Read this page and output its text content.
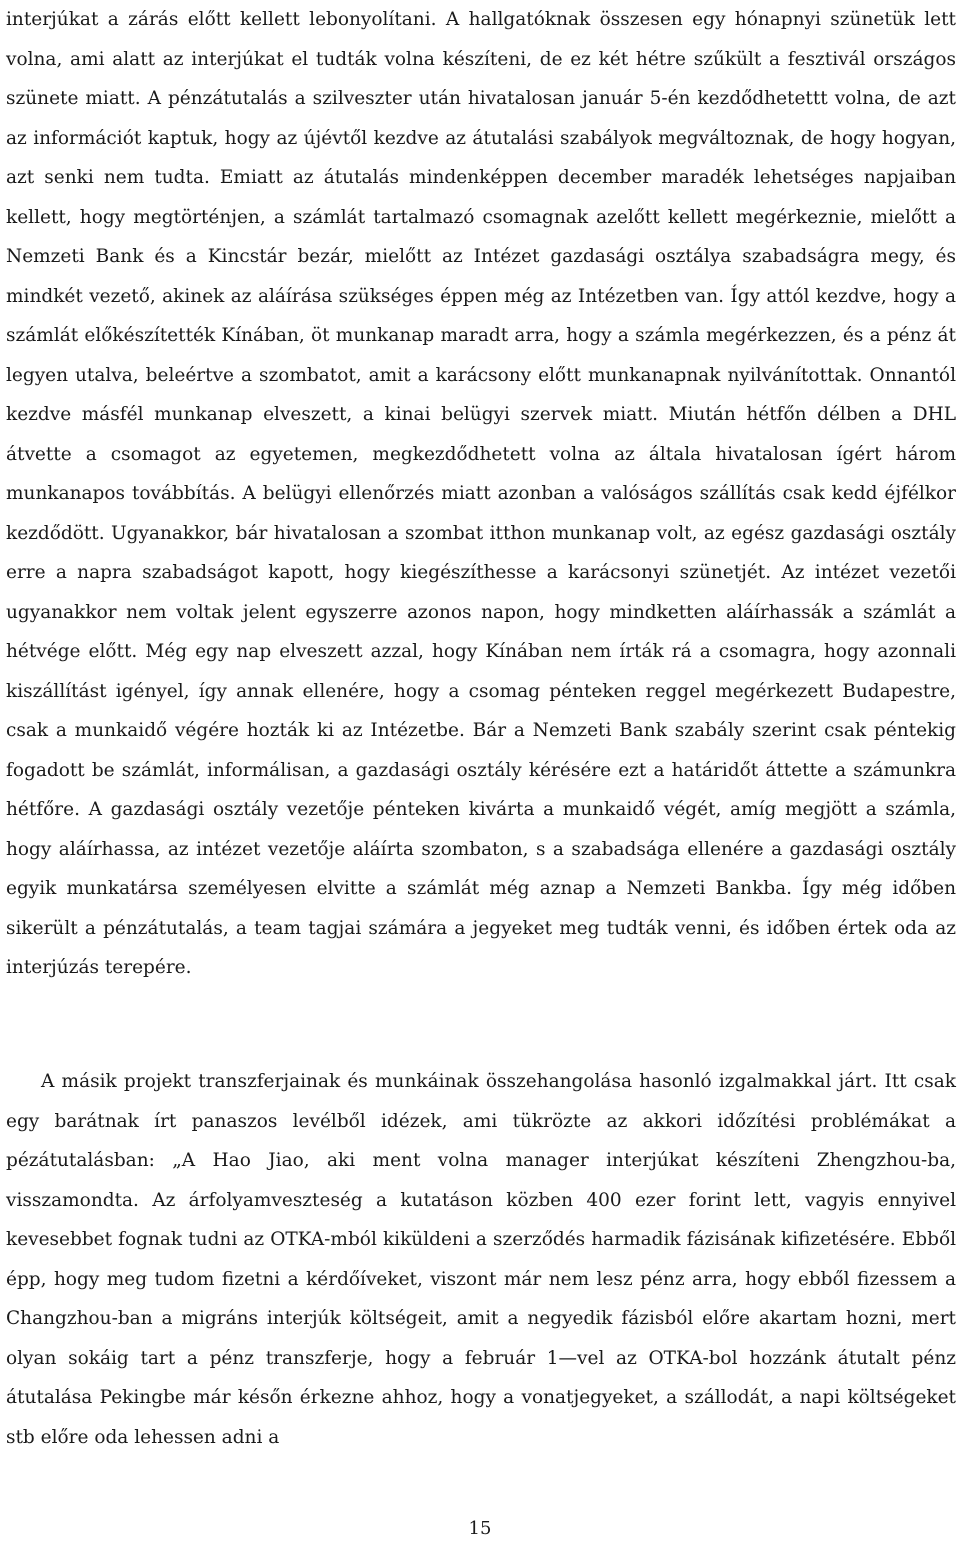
interjúkat a zárás előtt kellett lebonyolítani. A hallgatóknak összesen egy hónapnyi szünetük lett volna, ami alatt az interjúkat el tudták volna készíteni, de ez két hétre szűkült a fesztivál országos szünete miatt. A pénzátutalás a szilveszter után hivatalosan január 5-én kezdődhetettt volna, de azt az információt kaptuk, hogy az újévtől kezdve az átutalási szabályok megváltoznak, de hogy hogyan, azt senki nem tudta. Emiatt az átutalás mindenképpen december maradék lehetséges napjaiban kellett, hogy megtörténjen, a számlát tartalmazó csomagnak azelőtt kellett megérkeznie, mielőtt a Nemzeti Bank és a Kincstár bezár, mielőtt az Intézet gazdasági osztálya szabadságra megy, és mindkét vezető, akinek az aláírása szükséges éppen még az Intézetben van. Így attól kezdve, hogy a számlát előkészítették Kínában, öt munkanap maradt arra, hogy a számla megérkezzen, és a pénz át legyen utalva, beleértve a szombatot, amit a karácsony előtt munkanapnak nyilvánítottak. Onnantól kezdve másfél munkanap elveszett, a kinai belügyi szervek miatt. Miután hétfőn délben a DHL átvette a csomagot az egyetemen, megkezdődhetett volna az általa hivatalosan ígért három munkanapos továbbítás. A belügyi ellenőrzés miatt azonban a valóságos szállítás csak kedd éjfélkor kezdődött. Ugyanakkor, bár hivatalosan a szombat itthon munkanap volt, az egész gazdasági osztály erre a napra szabadságot kapott, hogy kiegészíthesse a karácsonyi szünetjét. Az intézet vezetői ugyanakkor nem voltak jelent egyszerre azonos napon, hogy mindketten aláírhassák a számlát a hétvége előtt. Még egy nap elveszett azzal, hogy Kínában nem írták rá a csomagra, hogy azonnali kiszállítást igényel, így annak ellenére, hogy a csomag pénteken reggel megérkezett Budapestre, csak a munkaidő végére hozták ki az Intézetbe. Bár a Nemzeti Bank szabály szerint csak péntekig fogadott be számlát, informálisan, a gazdasági osztály kérésére ezt a határidőt áttette a számunkra hétfőre. A gazdasági osztály vezetője pénteken kivárta a munkaidő végét, amíg megjött a számla, hogy aláírhassa, az intézet vezetője aláírta szombaton, s a szabadsága ellenére a gazdasági osztály egyik munkatársa személyesen elvitte a számlát még aznap a Nemzeti Bankba. Így még időben sikerült a pénzátutalás, a team tagjai számára a jegyeket meg tudták venni, és időben értek oda az interjúzás terepére.

A másik projekt transzferjainak és munkáinak összehangolása hasonló izgalmakkal járt. Itt csak egy barátnak írt panaszos levélből idézek, ami tükrözte az akkori időzítési problémákat a pézátutalásban: „A Hao Jiao, aki ment volna manager interjúkat készíteni Zhengzhou-ba, visszamondta. Az árfolyamveszteség a kutatáson közben 400 ezer forint lett, vagyis ennyivel kevesebbet fognak tudni az OTKA-mból kiküldeni a szerződés harmadik fázisának kifizetésére. Ebből épp, hogy meg tudom fizetni a kérdőíveket, viszont már nem lesz pénz arra, hogy ebből fizessem a Changzhou-ban a migráns interjúk költségeit, amit a negyedik fázisból előre akartam hozni, mert olyan sokáig tart a pénz transzferje, hogy a február 1—vel az OTKA-bol hozzánk átutalt pénz átutalása Pekingbe már későn érkezne ahhoz, hogy a vonatjegyeket, a szállodát, a napi költségeket stb előre oda lehessen adni a

15
